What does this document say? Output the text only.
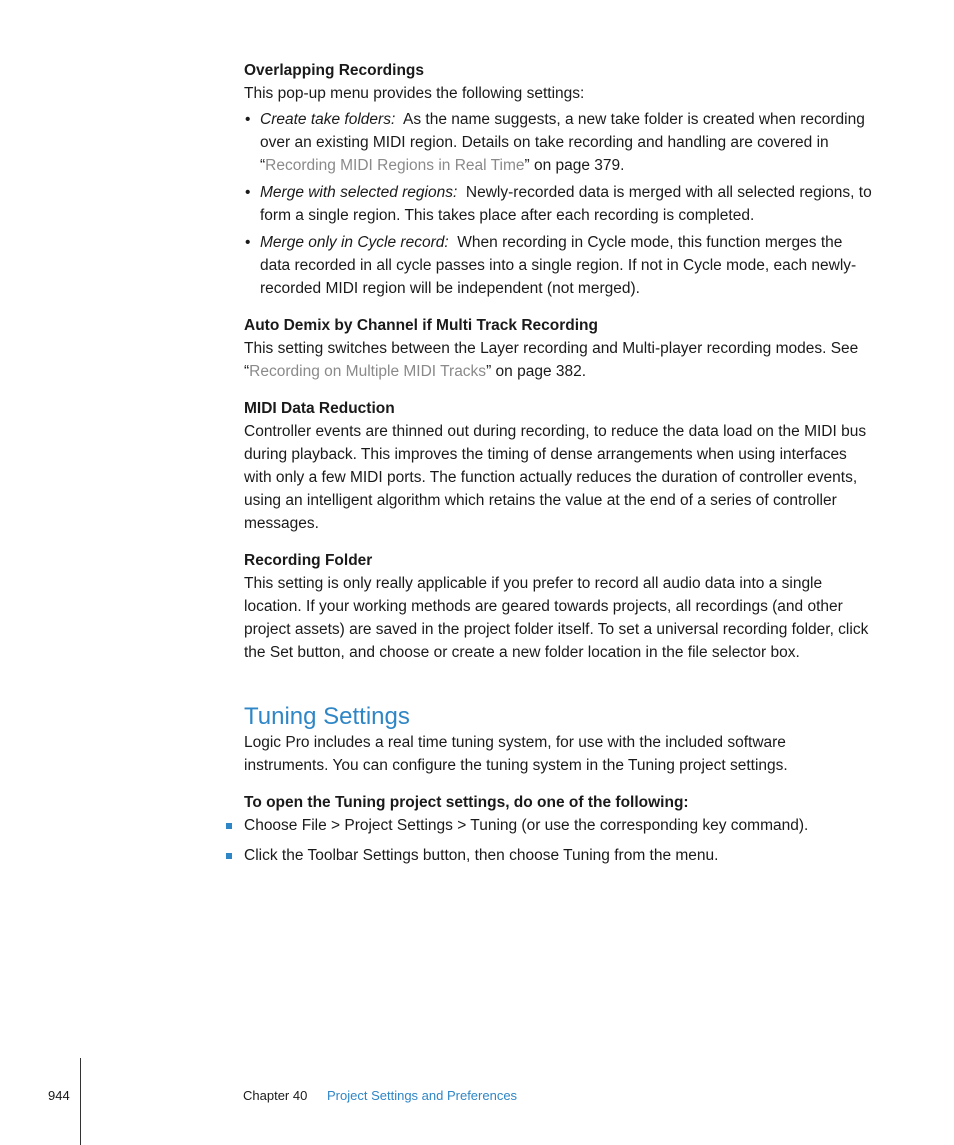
Overlapping Recordings
This pop-up menu provides the following settings:
• Create take folders: As the name suggests, a new take folder is created when recording over an existing MIDI region. Details on take recording and handling are covered in “Recording MIDI Regions in Real Time” on page 379.
• Merge with selected regions: Newly-recorded data is merged with all selected regions, to form a single region. This takes place after each recording is completed.
• Merge only in Cycle record: When recording in Cycle mode, this function merges the data recorded in all cycle passes into a single region. If not in Cycle mode, each newly-recorded MIDI region will be independent (not merged).
Auto Demix by Channel if Multi Track Recording
This setting switches between the Layer recording and Multi-player recording modes. See “Recording on Multiple MIDI Tracks” on page 382.
MIDI Data Reduction
Controller events are thinned out during recording, to reduce the data load on the MIDI bus during playback. This improves the timing of dense arrangements when using interfaces with only a few MIDI ports. The function actually reduces the duration of controller events, using an intelligent algorithm which retains the value at the end of a series of controller messages.
Recording Folder
This setting is only really applicable if you prefer to record all audio data into a single location. If your working methods are geared towards projects, all recordings (and other project assets) are saved in the project folder itself. To set a universal recording folder, click the Set button, and choose or create a new folder location in the file selector box.
Tuning Settings
Logic Pro includes a real time tuning system, for use with the included software instruments. You can configure the tuning system in the Tuning project settings.
To open the Tuning project settings, do one of the following:
Choose File > Project Settings > Tuning (or use the corresponding key command).
Click the Toolbar Settings button, then choose Tuning from the menu.
944	Chapter 40 Project Settings and Preferences
